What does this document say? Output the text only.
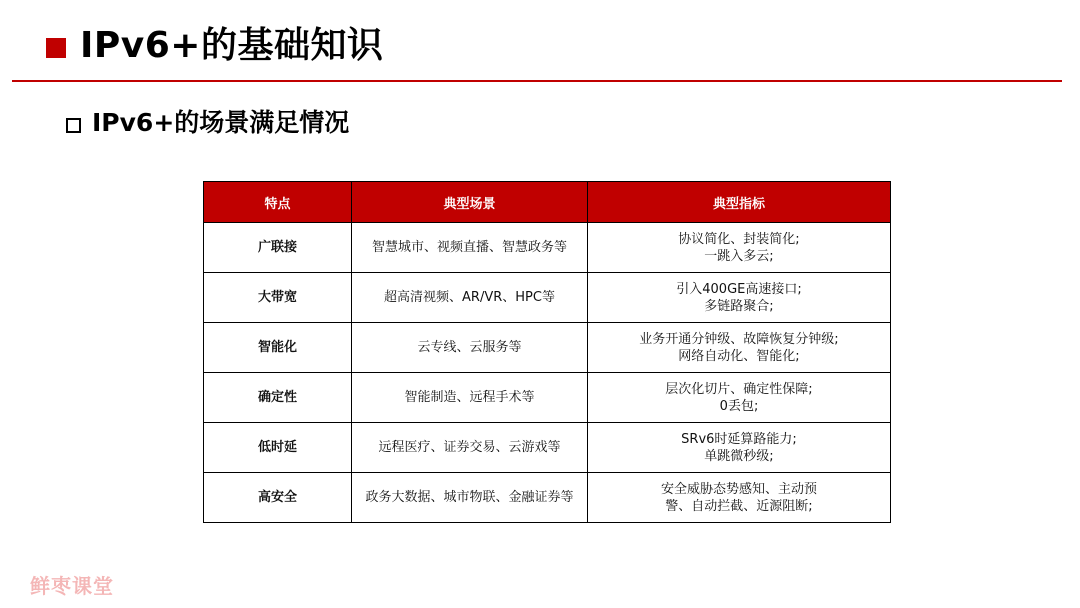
IPv6+的基础知识
IPv6+的场景满足情况
特点	典型场景	典型指标
广联接	智慧城市、视频直播、智慧政务等	协议简化、封装简化;
一跳入多云;

大带宽	超高清视频、AR/VR、HPC等	引入400GE高速接口;
多链路聚合;

智能化	云专线、云服务等	业务开通分钟级、故障恢复分钟级;
网络自动化、智能化;

确定性	智能制造、远程手术等	层次化切片、确定性保障;
0丢包;

低时延	远程医疗、证券交易、云游戏等	SRv6时延算路能力;
单跳微秒级;

高安全	政务大数据、城市物联、金融证券等	安全威胁态势感知、主动预
警、自动拦截、近源阻断;
鲜枣课堂
